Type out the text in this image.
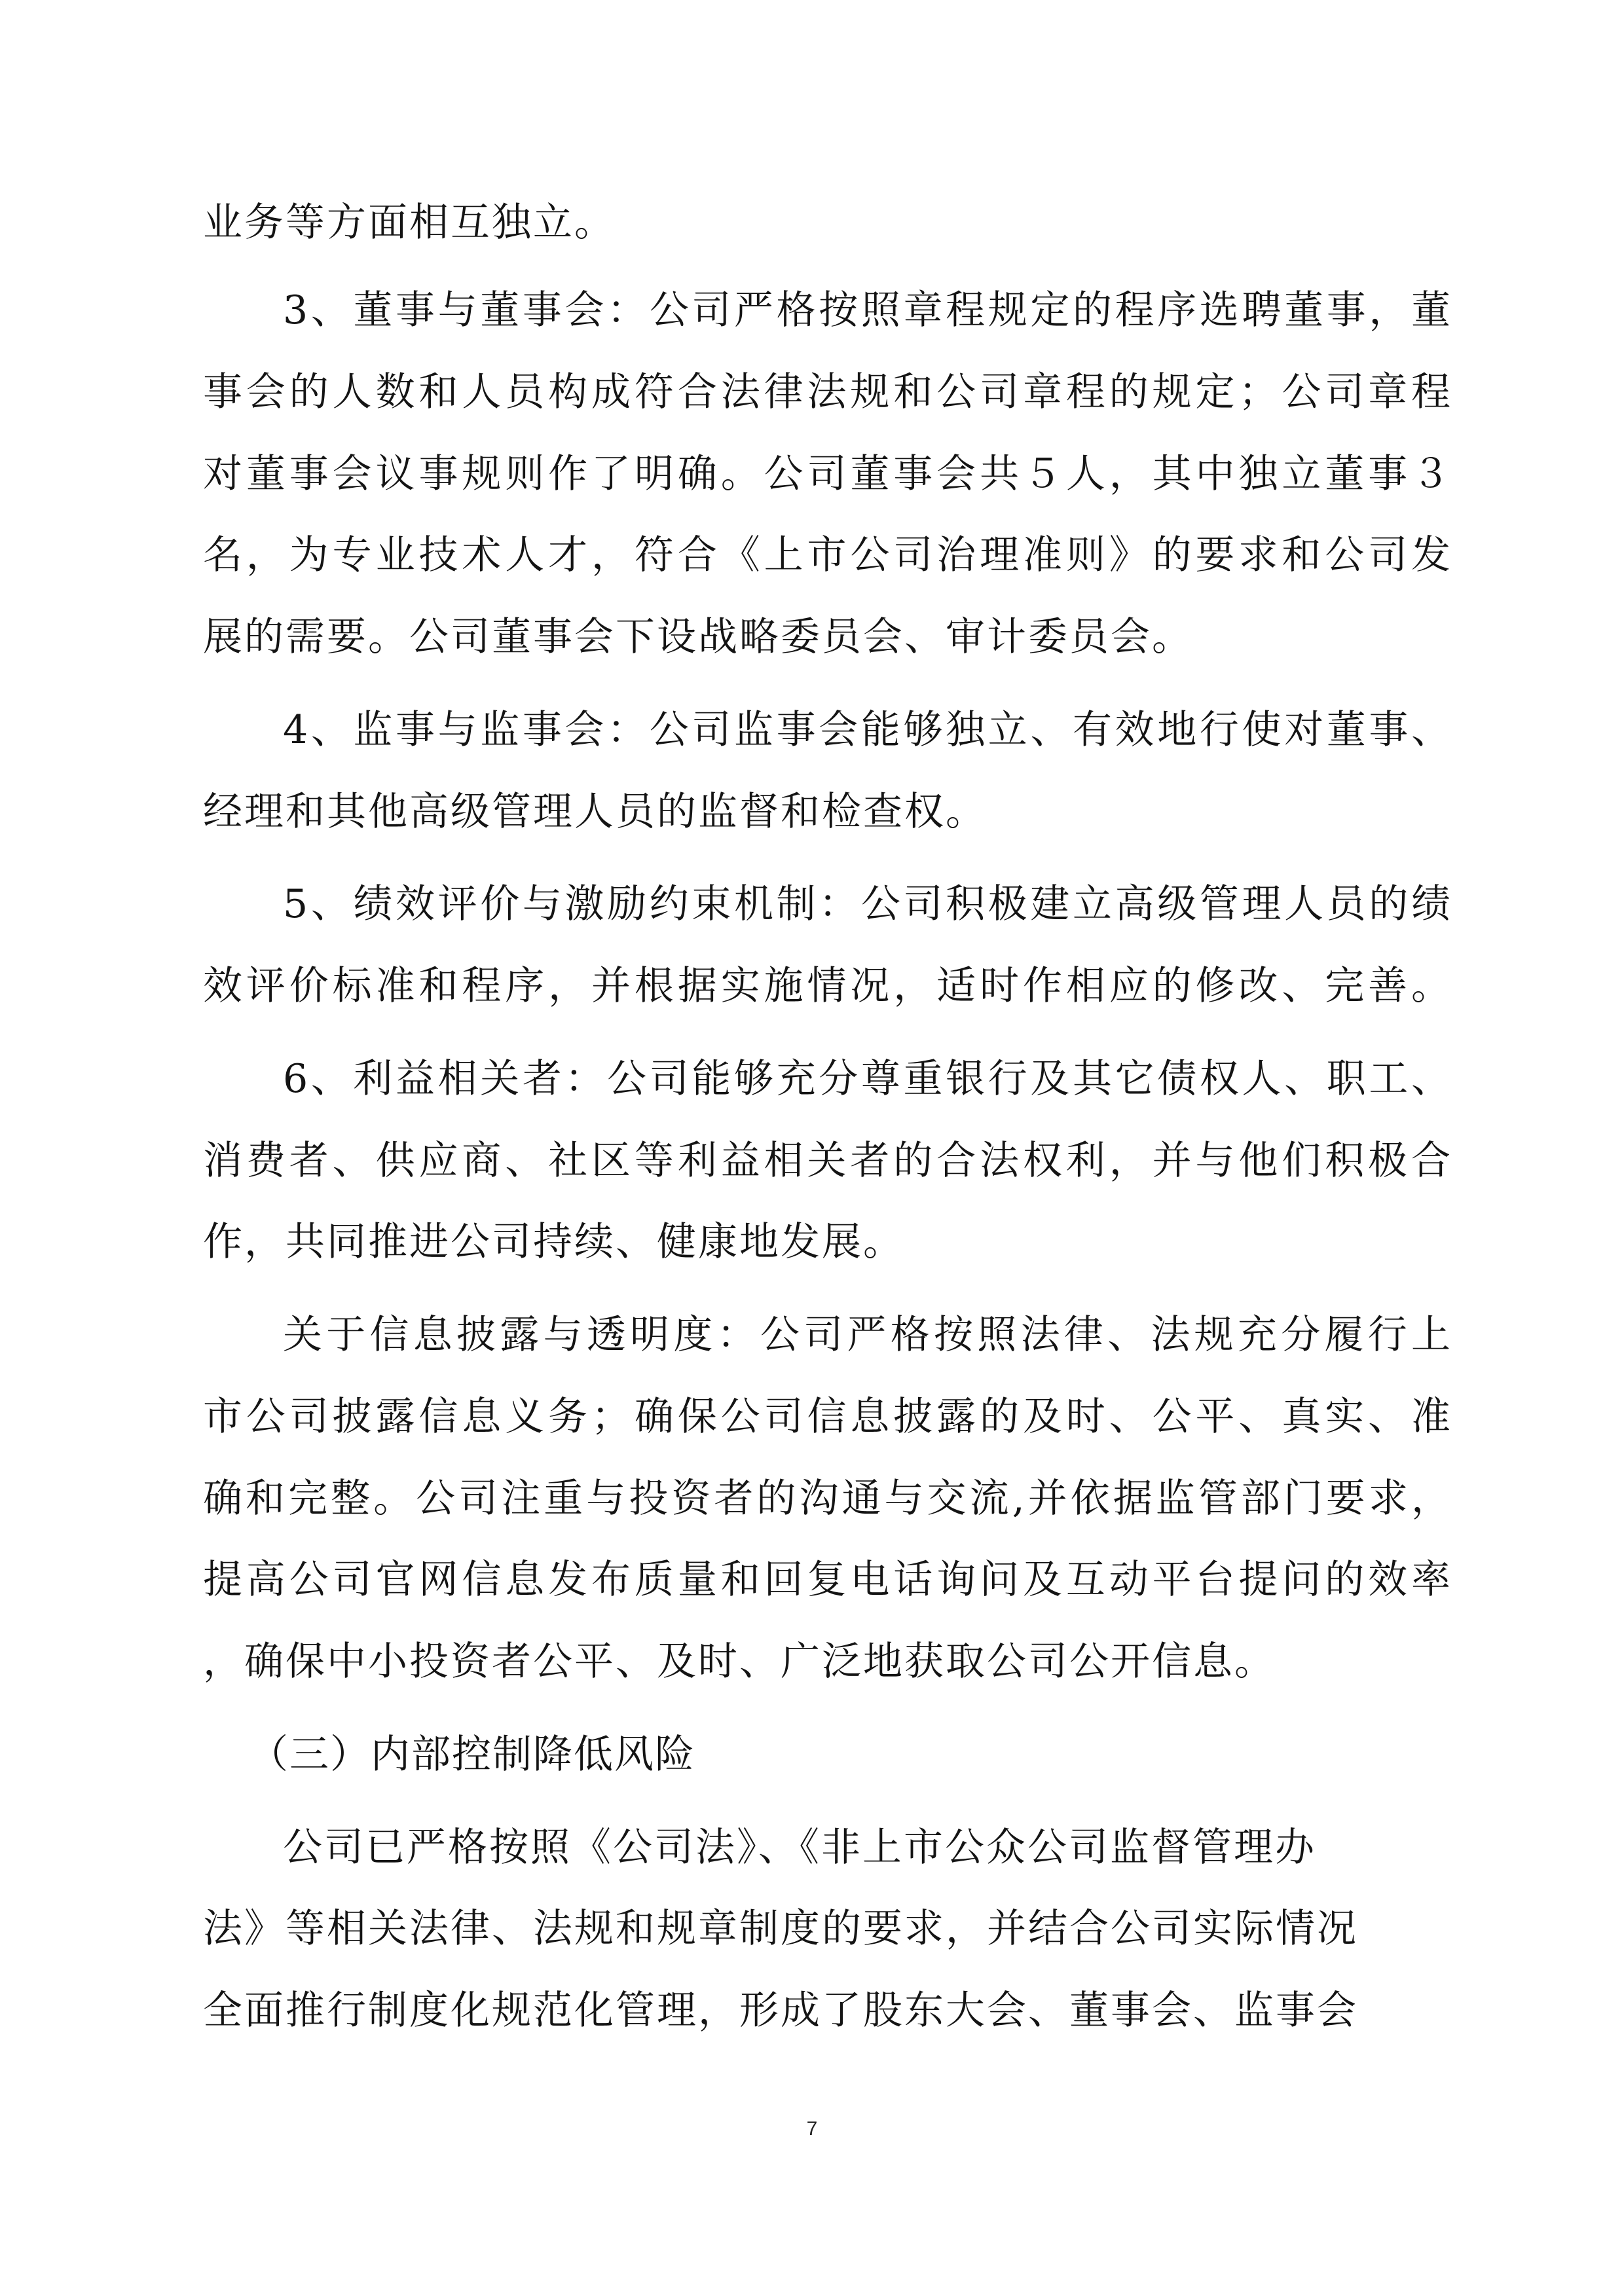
业务等方面相互独立。

3、董事与董事会：公司严格按照章程规定的程序选聘董事，董

事会的人数和人员构成符合法律法规和公司章程的规定；公司章程

对董事会议事规则作了明确。公司董事会共５人，其中独立董事３

名，为专业技术人才，符合《上市公司治理准则》的要求和公司发

展的需要。公司董事会下设战略委员会、审计委员会。

4、监事与监事会：公司监事会能够独立、有效地行使对董事、

经理和其他高级管理人员的监督和检查权。

5、绩效评价与激励约束机制：公司积极建立高级管理人员的绩

效评价标准和程序，并根据实施情况，适时作相应的修改、完善。

6、利益相关者：公司能够充分尊重银行及其它债权人、职工、

消费者、供应商、社区等利益相关者的合法权利，并与他们积极合

作，共同推进公司持续、健康地发展。

关于信息披露与透明度：公司严格按照法律、法规充分履行上

市公司披露信息义务；确保公司信息披露的及时、公平、真实、准

确和完整。公司注重与投资者的沟通与交流,并依据监管部门要求，

提高公司官网信息发布质量和回复电话询问及互动平台提问的效率

，确保中小投资者公平、及时、广泛地获取公司公开信息。

（三）内部控制降低风险

公司已严格按照《公司法》、《非上市公众公司监督管理办

法》等相关法律、法规和规章制度的要求，并结合公司实际情况

全面推行制度化规范化管理，形成了股东大会、董事会、监事会

7
